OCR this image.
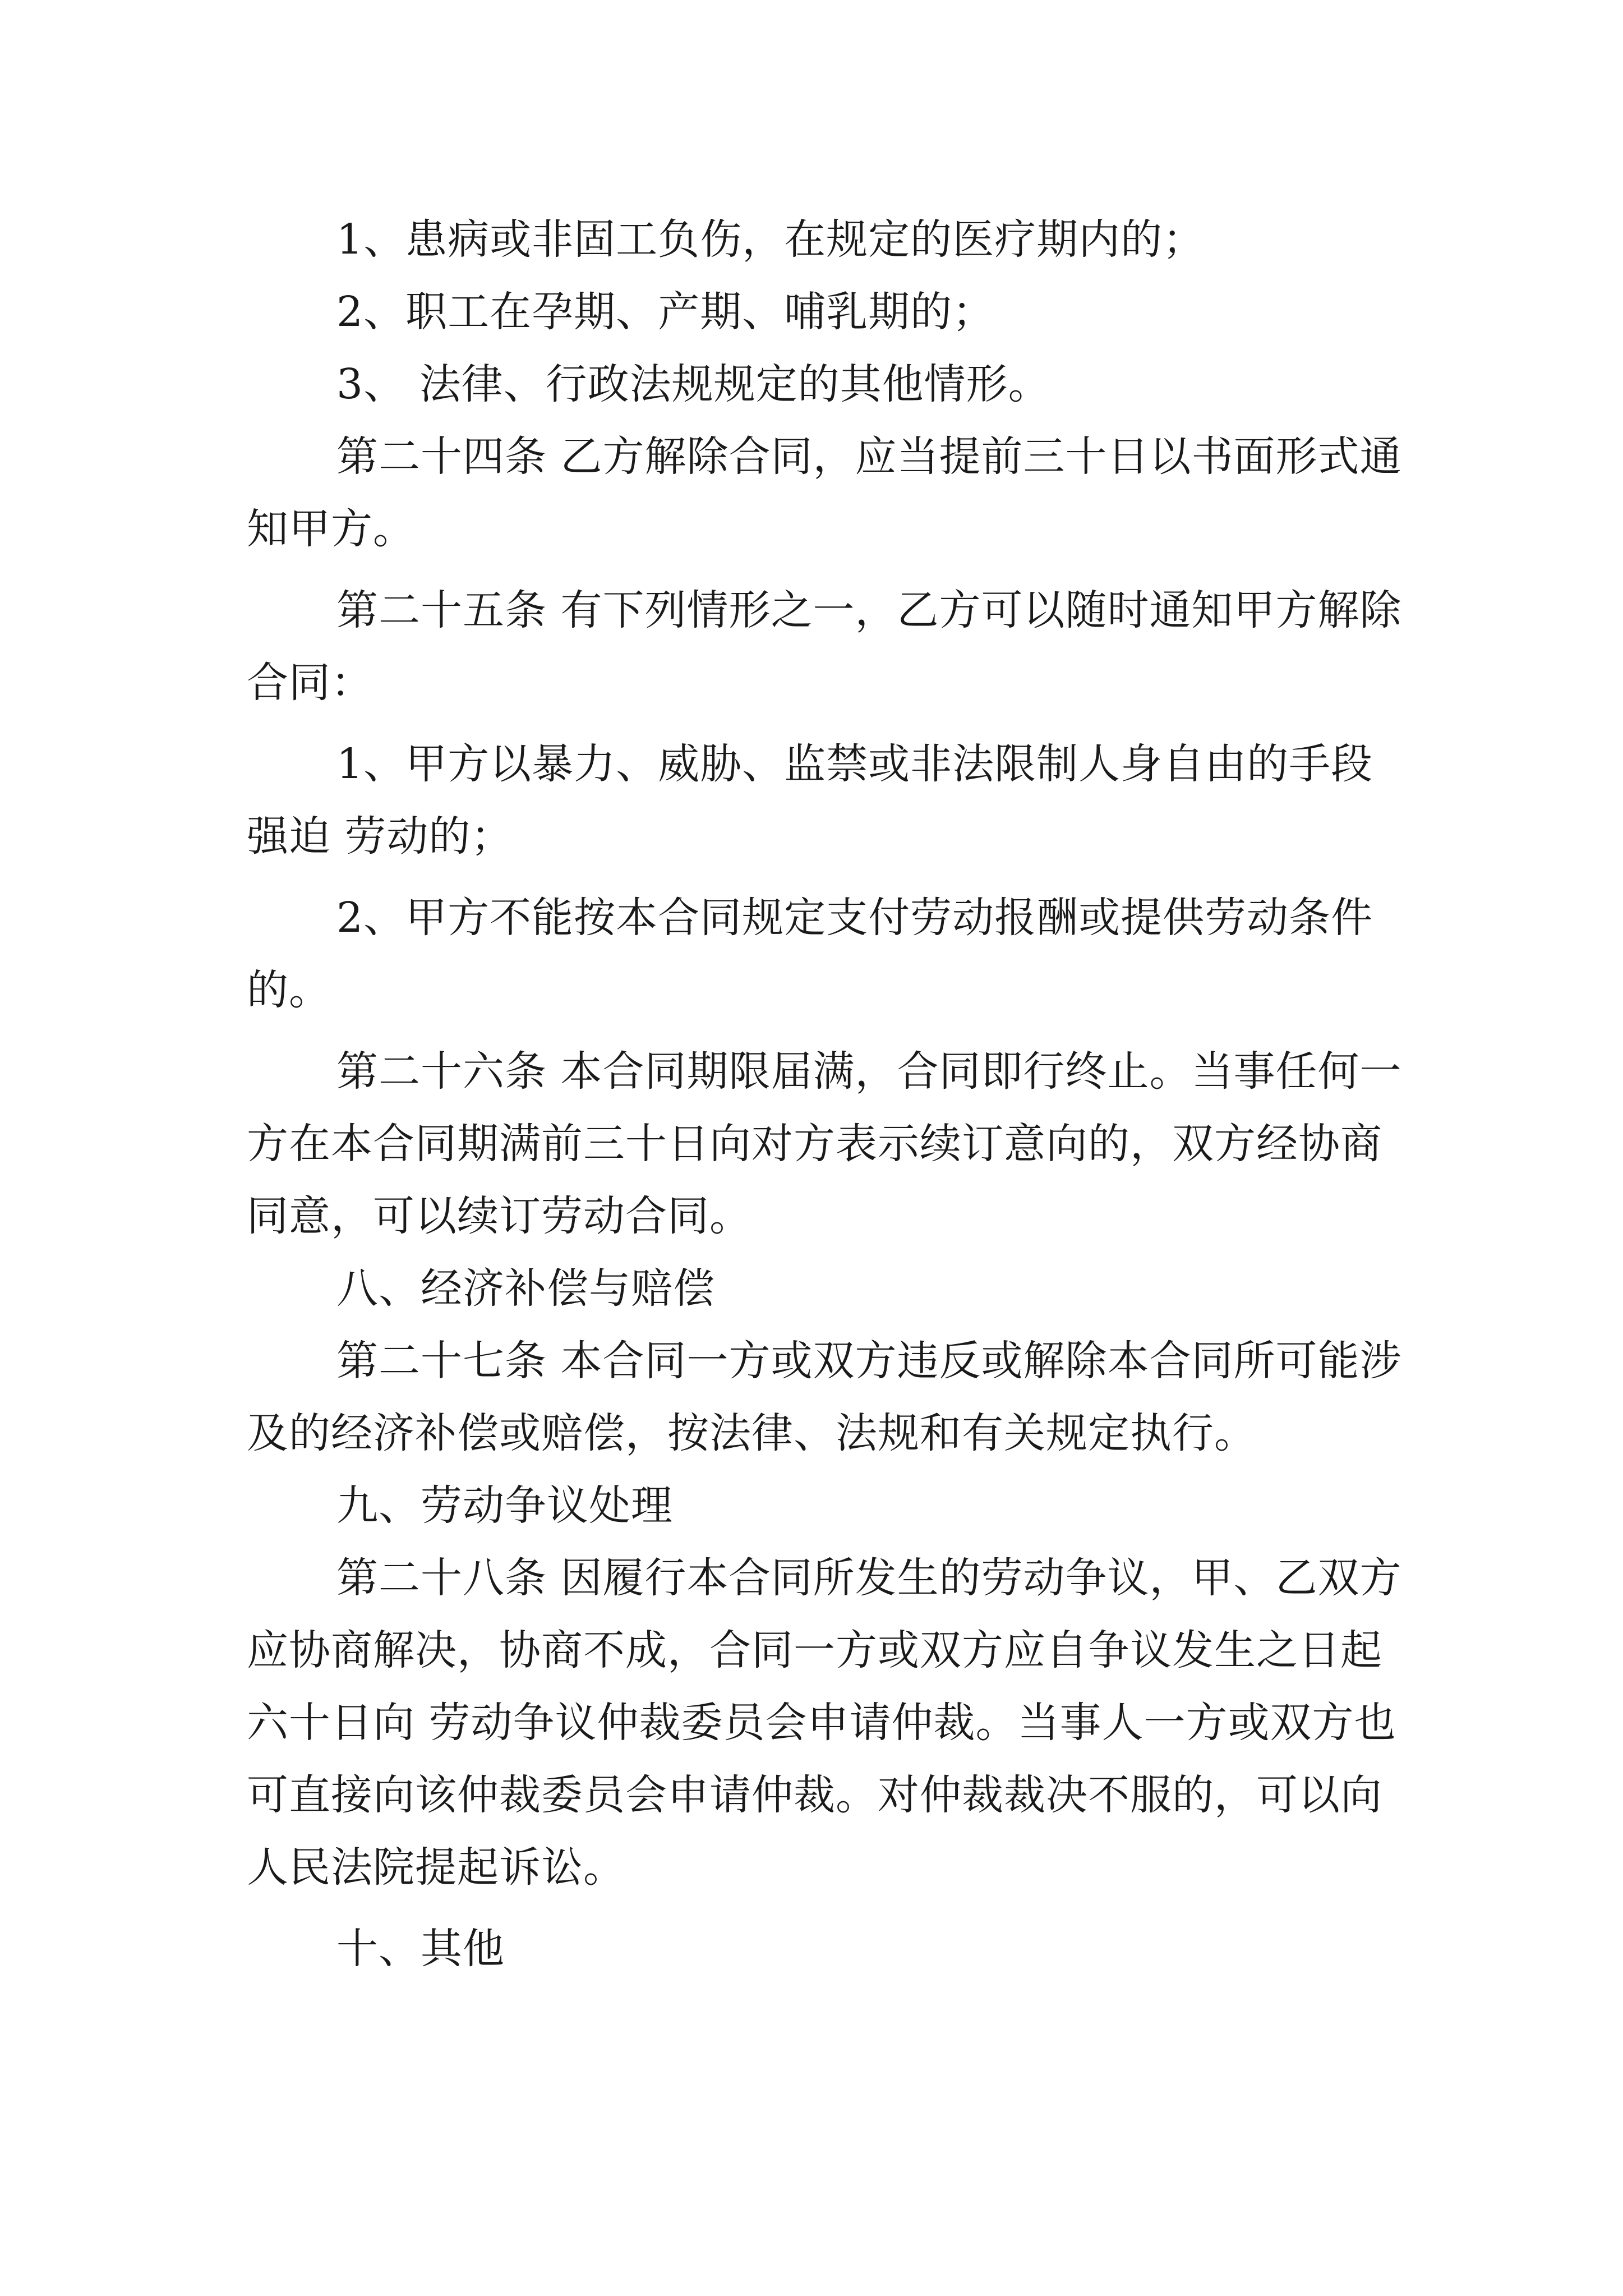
1、患病或非固工负伤，在规定的医疗期内的；

2、职工在孕期、产期、哺乳期的；

3、 法律、行政法规规定的其他情形。

第二十四条 乙方解除合同，应当提前三十日以书面形式通知甲方。

第二十五条 有下列情形之一，乙方可以随时通知甲方解除合同：

1、甲方以暴力、威胁、监禁或非法限制人身自由的手段强迫 劳动的；

2、甲方不能按本合同规定支付劳动报酬或提供劳动条件的。

第二十六条 本合同期限届满，合同即行终止。当事任何一方在本合同期满前三十日向对方表示续订意向的，双方经协商同意，可以续订劳动合同。

八、经济补偿与赔偿

第二十七条 本合同一方或双方违反或解除本合同所可能涉及的经济补偿或赔偿，按法律、法规和有关规定执行。

九、劳动争议处理

第二十八条 因履行本合同所发生的劳动争议，甲、乙双方应协商解决，协商不成，合同一方或双方应自争议发生之日起六十日向 劳动争议仲裁委员会申请仲裁。当事人一方或双方也可直接向该仲裁委员会申请仲裁。对仲裁裁决不服的，可以向人民法院提起诉讼。

十、其他
